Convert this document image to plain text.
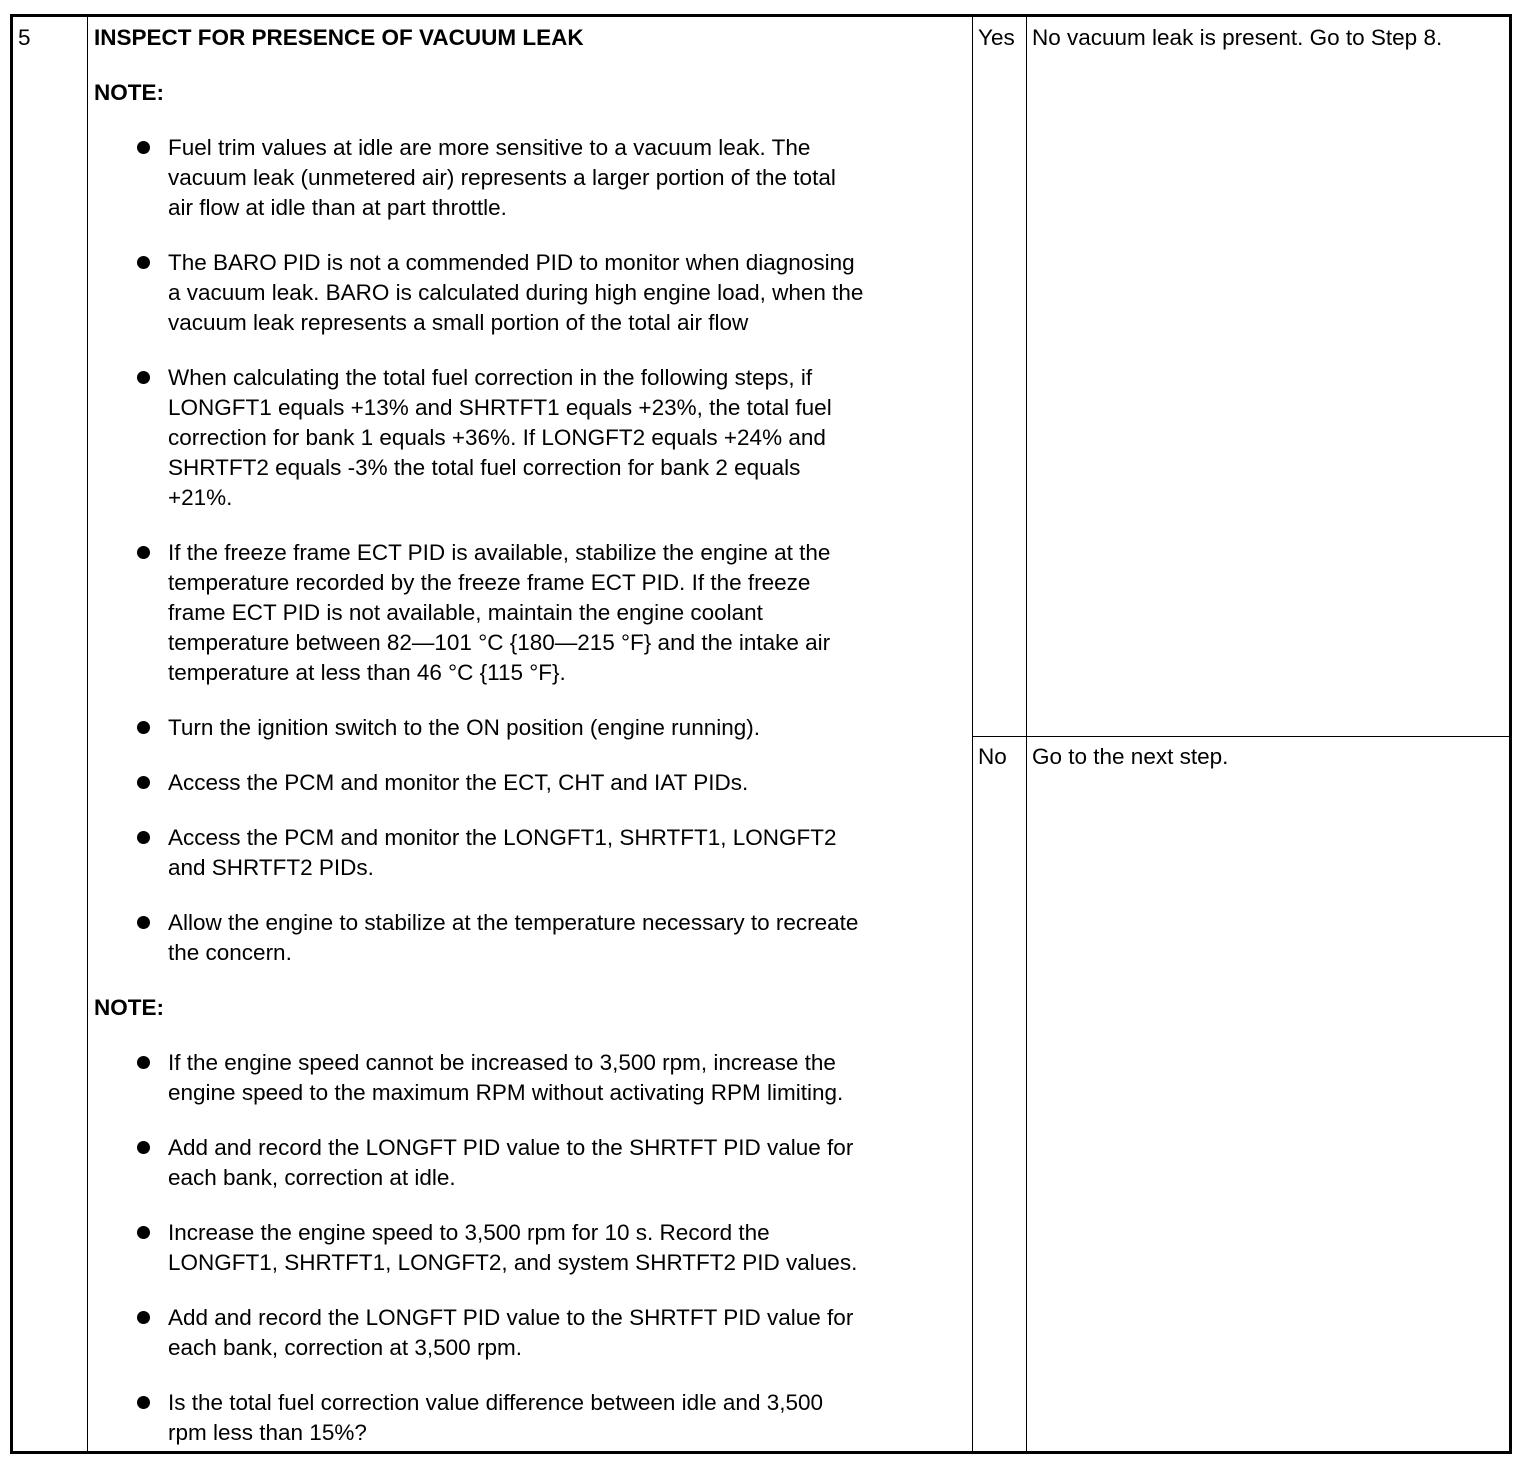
5	INSPECT FOR PRESENCE OF VACUUM LEAK
NOTE:
NOTE:
Fuel trim values at idle are more sensitive to a vacuum leak. The
vacuum leak (unmetered air) represents a larger portion of the total
air flow at idle than at part throttle.
The BARO PID is not a commended PID to monitor when diagnosing
a vacuum leak. BARO is calculated during high engine load, when the
vacuum leak represents a small portion of the total air flow
When calculating the total fuel correction in the following steps, if
LONGFT1 equals +13% and SHRTFT1 equals +23%, the total fuel
correction for bank 1 equals +36%. If LONGFT2 equals +24% and
SHRTFT2 equals -3% the total fuel correction for bank 2 equals
+21%.
If the freeze frame ECT PID is available, stabilize the engine at the
temperature recorded by the freeze frame ECT PID. If the freeze
frame ECT PID is not available, maintain the engine coolant
temperature between 82—101 °C {180—215 °F} and the intake air
temperature at less than 46 °C {115 °F}.
Turn the ignition switch to the ON position (engine running).
Access the PCM and monitor the ECT, CHT and IAT PIDs.
Access the PCM and monitor the LONGFT1, SHRTFT1, LONGFT2
and SHRTFT2 PIDs.
Allow the engine to stabilize at the temperature necessary to recreate
the concern.
If the engine speed cannot be increased to 3,500 rpm, increase the
engine speed to the maximum RPM without activating RPM limiting.
Add and record the LONGFT PID value to the SHRTFT PID value for
each bank, correction at idle.
Increase the engine speed to 3,500 rpm for 10 s. Record the
LONGFT1, SHRTFT1, LONGFT2, and system SHRTFT2 PID values.
Add and record the LONGFT PID value to the SHRTFT PID value for
each bank, correction at 3,500 rpm.
Is the total fuel correction value difference between idle and 3,500
rpm less than 15%?
Yes No vacuum leak is present. Go to Step 8.
No Go to the next step.
